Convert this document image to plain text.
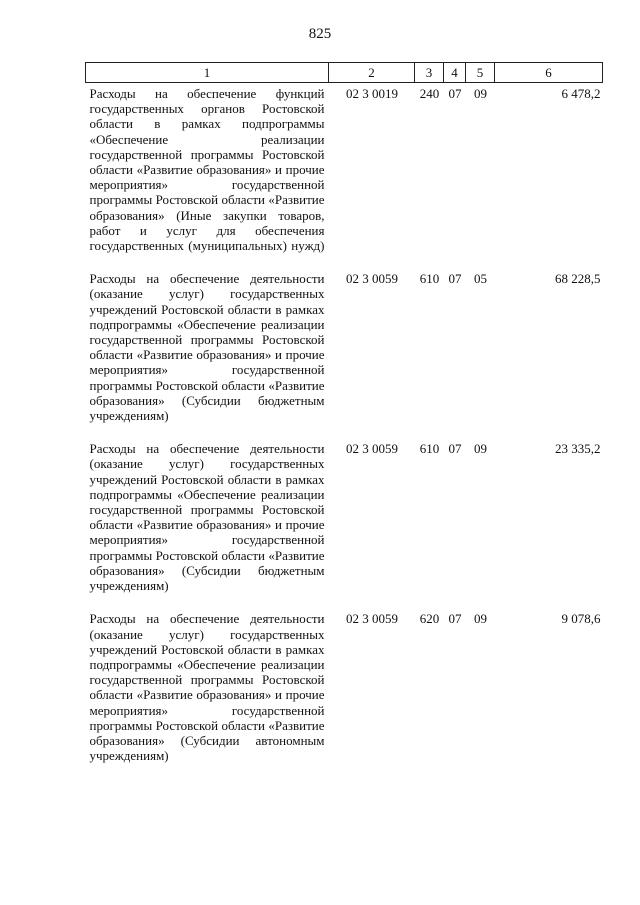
825
1	2	3	4	5	6
Расходы на обеспечение функций государственных органов Ростовской области в рамках подпрограммы «Обеспечение реализации государственной программы Ростовской области «Развитие образования» и прочие мероприятия» государственной программы Ростовской области «Развитие образования» (Иные закупки товаров, работ и услуг для обеспечения государственных (муниципальных) нужд)	02 3 0019	240	07	09	6 478,2
Расходы на обеспечение деятельности (оказание услуг) государственных учреждений Ростовской области в рамках подпрограммы «Обеспечение реализации государственной программы Ростовской области «Развитие образования» и прочие мероприятия» государственной программы Ростовской области «Развитие образования» (Субсидии бюджетным учреждениям)	02 3 0059	610	07	05	68 228,5
Расходы на обеспечение деятельности (оказание услуг) государственных учреждений Ростовской области в рамках подпрограммы «Обеспечение реализации государственной программы Ростовской области «Развитие образования» и прочие мероприятия» государственной программы Ростовской области «Развитие образования» (Субсидии бюджетным учреждениям)	02 3 0059	610	07	09	23 335,2
Расходы на обеспечение деятельности (оказание услуг) государственных учреждений Ростовской области в рамках подпрограммы «Обеспечение реализации государственной программы Ростовской области «Развитие образования» и прочие мероприятия» государственной программы Ростовской области «Развитие образования» (Субсидии автономным учреждениям)	02 3 0059	620	07	09	9 078,6
